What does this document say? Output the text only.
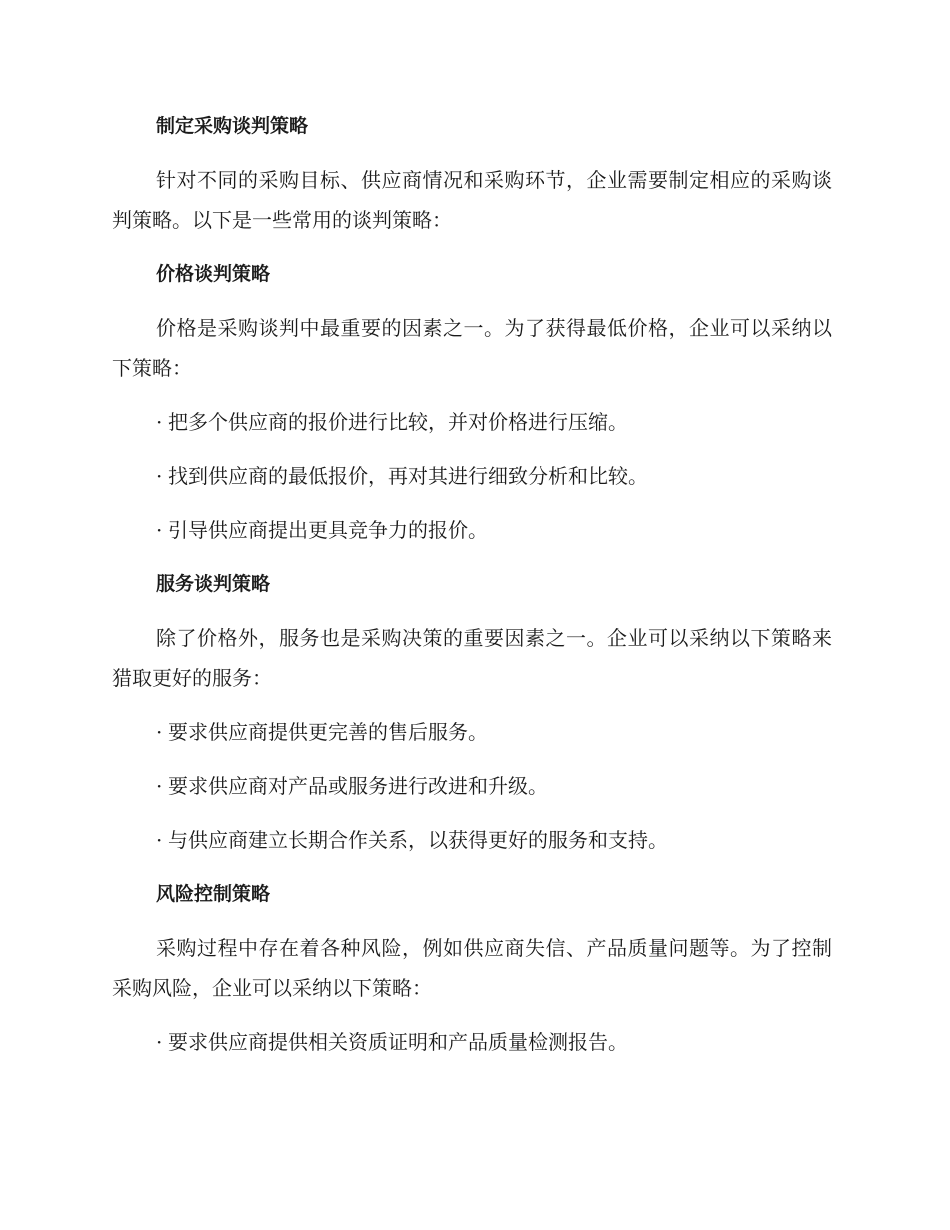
制定采购谈判策略
针对不同的采购目标、供应商情况和采购环节，企业需要制定相应的采购谈判策略。以下是一些常用的谈判策略：
价格谈判策略
价格是采购谈判中最重要的因素之一。为了获得最低价格，企业可以采纳以下策略：
· 把多个供应商的报价进行比较，并对价格进行压缩。
· 找到供应商的最低报价，再对其进行细致分析和比较。
· 引导供应商提出更具竞争力的报价。
服务谈判策略
除了价格外，服务也是采购决策的重要因素之一。企业可以采纳以下策略来猎取更好的服务：
· 要求供应商提供更完善的售后服务。
· 要求供应商对产品或服务进行改进和升级。
· 与供应商建立长期合作关系，以获得更好的服务和支持。
风险控制策略
采购过程中存在着各种风险，例如供应商失信、产品质量问题等。为了控制采购风险，企业可以采纳以下策略：
· 要求供应商提供相关资质证明和产品质量检测报告。
